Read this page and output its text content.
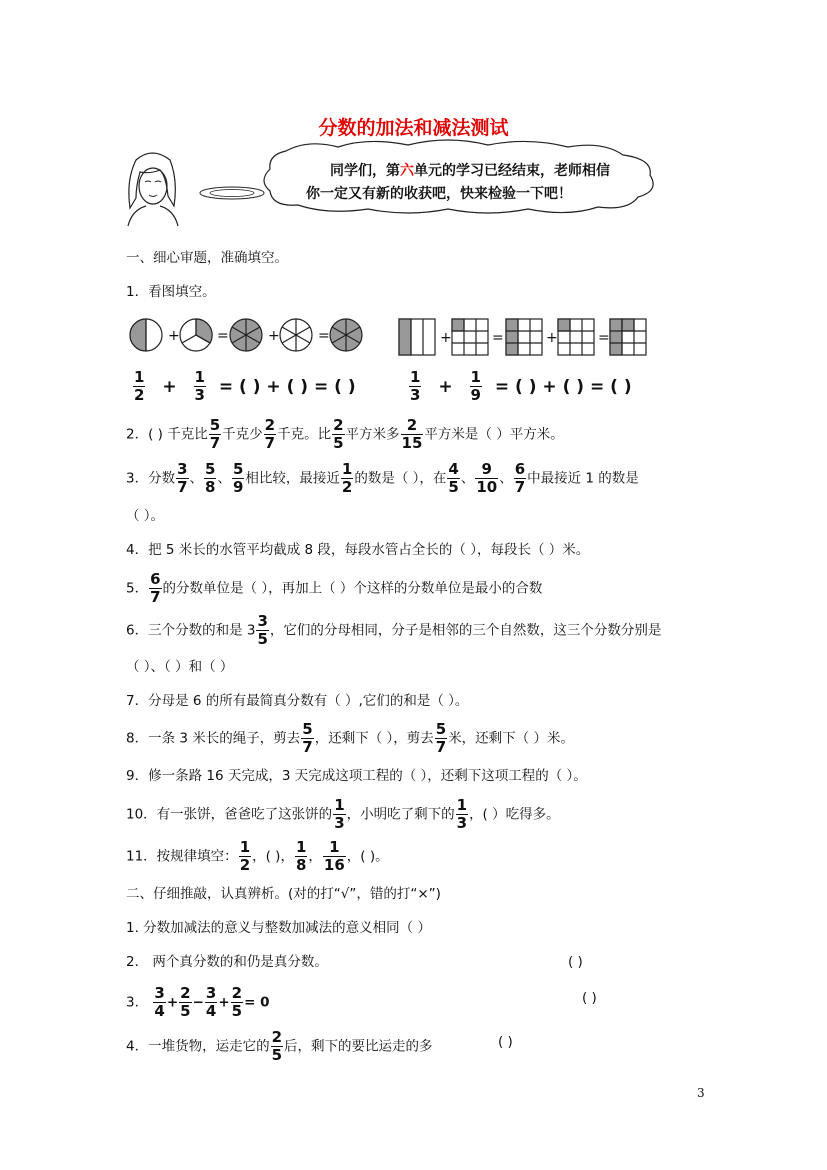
分数的加法和减法测试
同学们，第六单元的学习已经结束，老师相信
你一定又有新的收获吧，快来检验一下吧！
一、细心审题，准确填空。
1．看图填空。
+	=	+	=	+	=	+	=
$\frac{1}{2} + \frac{1}{3}$ = ( ) + ( ) = ( )	$\frac{1}{3} + \frac{1}{9}$ = ( ) + ( ) = ( )
2．( ) 千克比 $\frac{5}{7}$ 千克少 $\frac{2}{7}$ 千克。比 $\frac{2}{5}$ 平方米多 $\frac{2}{15}$ 平方米是（ ）平方米。
3．分数 $\frac{3}{7}$ 、 $\frac{5}{8}$ 、 $\frac{5}{9}$ 相比较，最接近 $\frac{1}{2}$ 的数是（ ），在 $\frac{4}{5}$ 、 $\frac{9}{10}$ 、 $\frac{6}{7}$ 中最接近 1 的数是
（ ）。
4．把 5 米长的水管平均截成 8 段，每段水管占全长的（ ），每段长（ ）米。
5． $\frac{6}{7}$ 的分数单位是（ ），再加上（ ）个这样的分数单位是最小的合数
6．三个分数的和是 $3 \frac{3}{5}$ ，它们的分母相同，分子是相邻的三个自然数，这三个分数分别是
（ ）、（ ）和（ ）
7．分母是 6 的所有最简真分数有（ ）,它们的和是（ ）。
8．一条 3 米长的绳子，剪去 $\frac{5}{7}$ ，还剩下（ ），剪去 $\frac{5}{7}$ 米，还剩下（ ）米。
9．修一条路 16 天完成，3 天完成这项工程的（ ），还剩下这项工程的（ ）。
10．有一张饼，爸爸吃了这张饼的 $\frac{1}{3}$ ，小明吃了剩下的 $\frac{1}{3}$ ，( ）吃得多。
11．按规律填空： $\frac{1}{2}$ ，( )， $\frac{1}{8}$ ， $\frac{1}{16}$ ，( )。
二、仔细推敲，认真辨析。(对的打“√”，错的打“×”)
1. 分数加减法的意义与整数加减法的意义相同（ ）
2． 两个真分数的和仍是真分数。	( )
3． $\frac{3}{4} + \frac{2}{5} - \frac{3}{4} + \frac{2}{5} = 0$	( )
4．一堆货物，运走它的 $\frac{2}{5}$ 后，剩下的要比运走的多	( )
3
